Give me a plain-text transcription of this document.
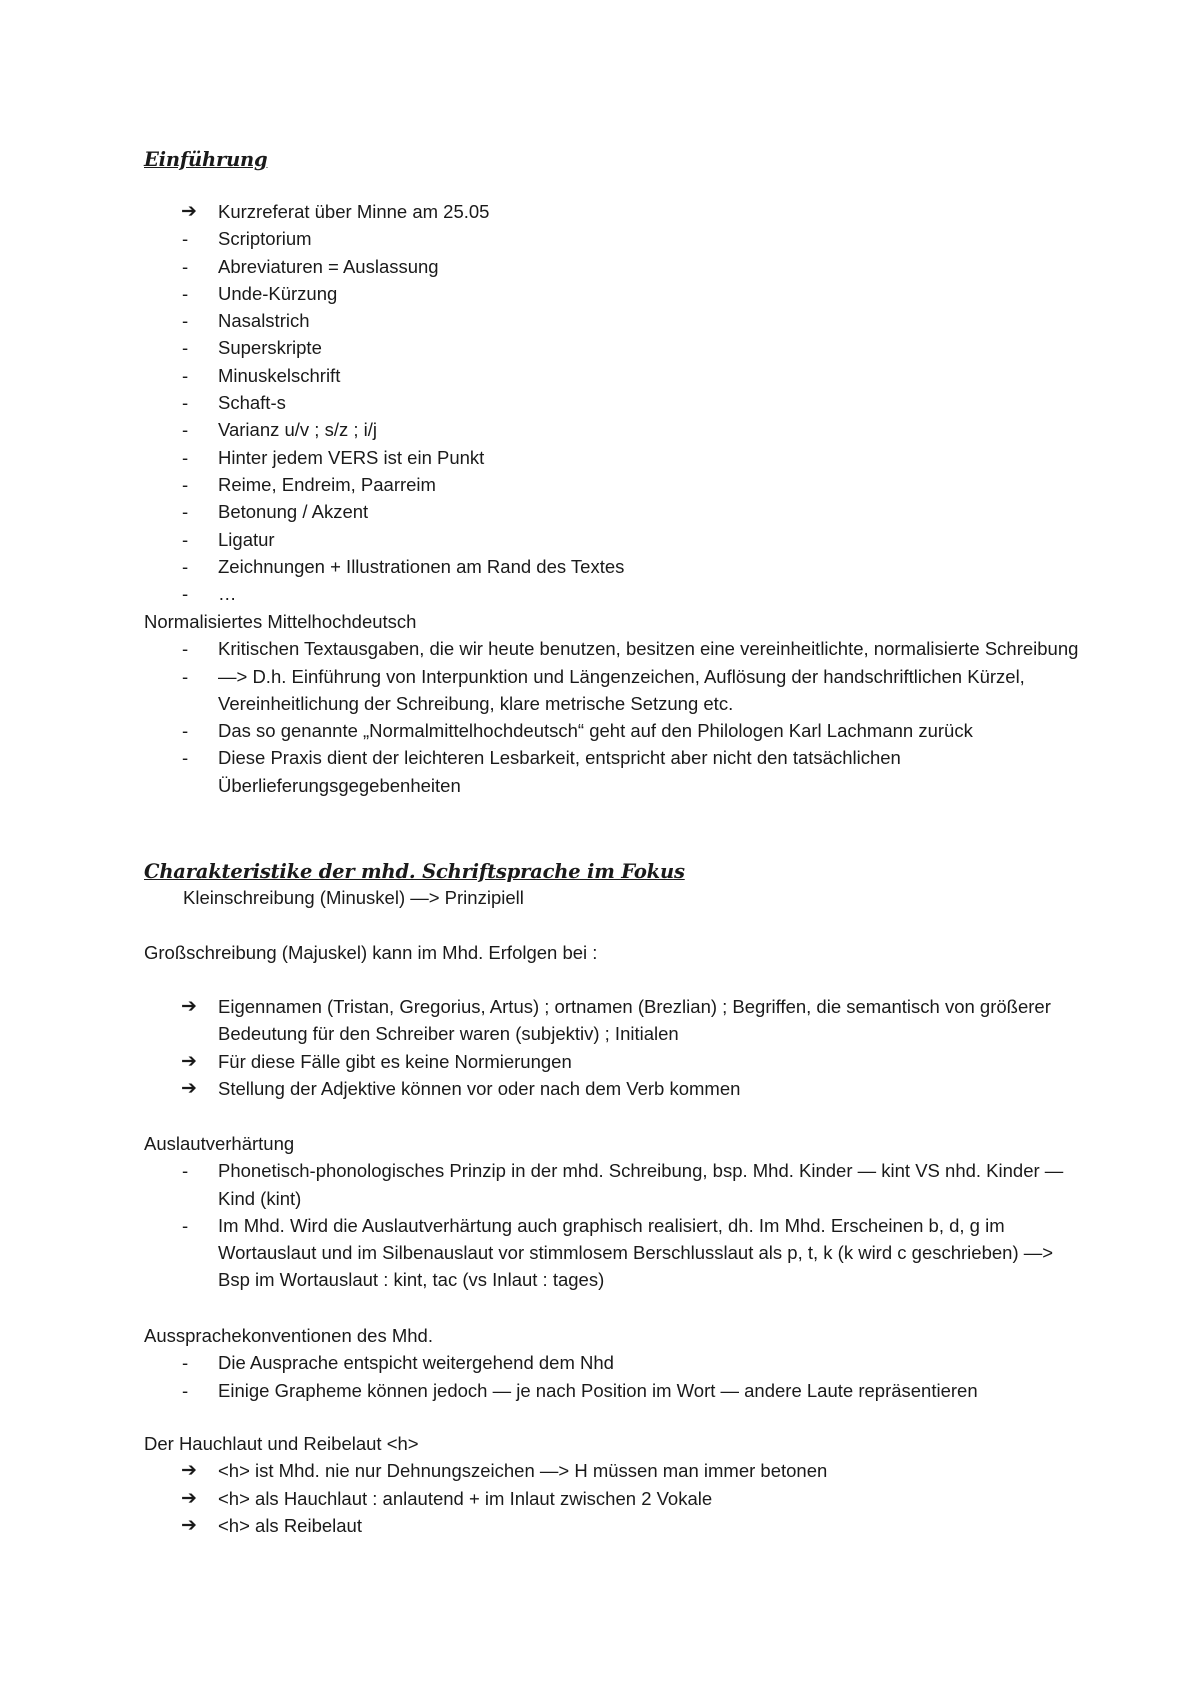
Einführung
➔	Kurzreferat über Minne am 25.05
-	Scriptorium
-	Abreviaturen = Auslassung
-	Unde-Kürzung
-	Nasalstrich
-	Superskripte
-	Minuskelschrift
-	Schaft-s
-	Varianz u/v ; s/z ; i/j
-	Hinter jedem VERS ist ein Punkt
-	Reime, Endreim, Paarreim
-	Betonung / Akzent
-	Ligatur
-	Zeichnungen + Illustrationen am Rand des Textes
-	…
Normalisiertes Mittelhochdeutsch
-	Kritischen Textausgaben, die wir heute benutzen, besitzen eine vereinheitlichte, normalisierte Schreibung
-	—> D.h. Einführung von Interpunktion und Längenzeichen, Auflösung der handschriftlichen Kürzel, Vereinheitlichung der Schreibung, klare metrische Setzung etc.
-	Das so genannte „Normalmittelhochdeutsch“ geht auf den Philologen Karl Lachmann zurück
-	Diese Praxis dient der leichteren Lesbarkeit, entspricht aber nicht den tatsächlichen Überlieferungsgegebenheiten
Charakteristike der mhd. Schriftsprache im Fokus
Kleinschreibung (Minuskel) —> Prinzipiell
Großschreibung (Majuskel) kann im Mhd. Erfolgen bei :
➔	Eigennamen (Tristan, Gregorius, Artus) ; ortnamen (Brezlian) ; Begriffen, die semantisch von größerer Bedeutung für den Schreiber waren (subjektiv) ; Initialen
➔	Für diese Fälle gibt es keine Normierungen
➔	Stellung der Adjektive können vor oder nach dem Verb kommen
Auslautverhärtung
-	Phonetisch-phonologisches Prinzip in der mhd. Schreibung, bsp. Mhd. Kinder — kint VS nhd. Kinder — Kind (kint)
-	Im Mhd. Wird die Auslautverhärtung auch graphisch realisiert, dh. Im Mhd. Erscheinen b, d, g im Wortauslaut und im Silbenauslaut vor stimmlosem Berschlusslaut als p, t, k (k wird c geschrieben) —> Bsp im Wortauslaut : kint, tac (vs Inlaut : tages)
Aussprachekonventionen des Mhd.
-	Die Ausprache entspicht weitergehend dem Nhd
-	Einige Grapheme können jedoch — je nach Position im Wort — andere Laute repräsentieren
Der Hauchlaut und Reibelaut <h>
➔	<h> ist Mhd. nie nur Dehnungszeichen —> H müssen man immer betonen
➔	<h> als Hauchlaut : anlautend + im Inlaut zwischen 2 Vokale
➔	<h> als Reibelaut
